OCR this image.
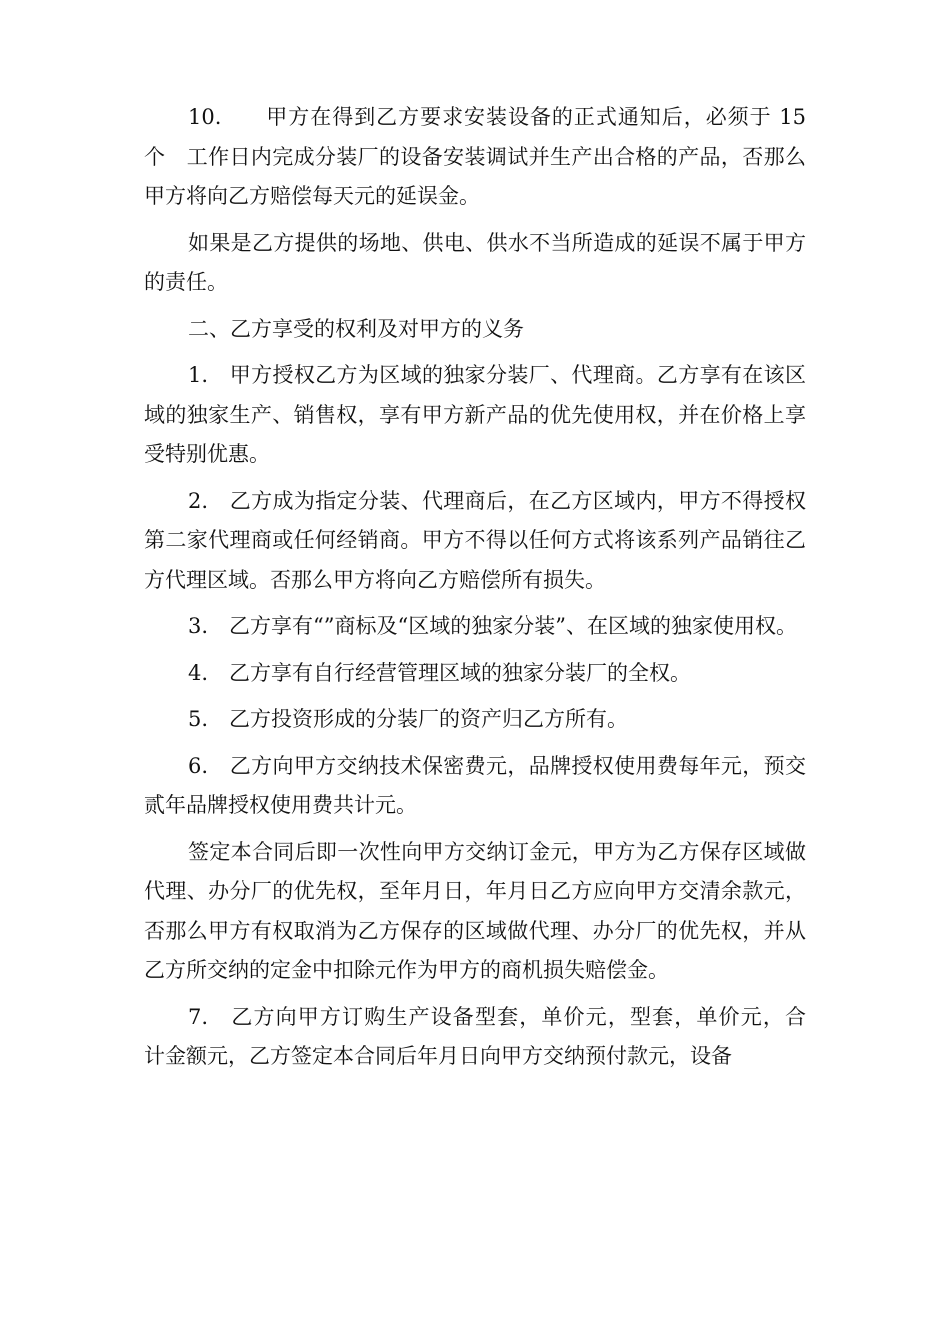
10.　　甲方在得到乙方要求安装设备的正式通知后，必须于 15 个　工作日内完成分装厂的设备安装调试并生产出合格的产品，否那么　甲方将向乙方赔偿每天元的延误金。

如果是乙方提供的场地、供电、供水不当所造成的延误不属于甲方的责任。

二、乙方享受的权利及对甲方的义务

1.　甲方授权乙方为区域的独家分装厂、代理商。乙方享有在该区域的独家生产、销售权，享有甲方新产品的优先使用权，并在价格上享受特别优惠。

2.　乙方成为指定分装、代理商后，在乙方区域内，甲方不得授权第二家代理商或任何经销商。甲方不得以任何方式将该系列产品销往乙方代理区域。否那么甲方将向乙方赔偿所有损失。

3.　乙方享有“”商标及“区域的独家分装”、在区域的独家使用权。

4.　乙方享有自行经营管理区域的独家分装厂的全权。

5.　乙方投资形成的分装厂的资产归乙方所有。

6.　乙方向甲方交纳技术保密费元，品牌授权使用费每年元，预交贰年品牌授权使用费共计元。

签定本合同后即一次性向甲方交纳订金元，甲方为乙方保存区域做代理、办分厂的优先权，至年月日，年月日乙方应向甲方交清余款元，否那么甲方有权取消为乙方保存的区域做代理、办分厂的优先权，并从乙方所交纳的定金中扣除元作为甲方的商机损失赔偿金。

7.　乙方向甲方订购生产设备型套，单价元，型套，单价元，合　计金额元，乙方签定本合同后年月日向甲方交纳预付款元，设备
